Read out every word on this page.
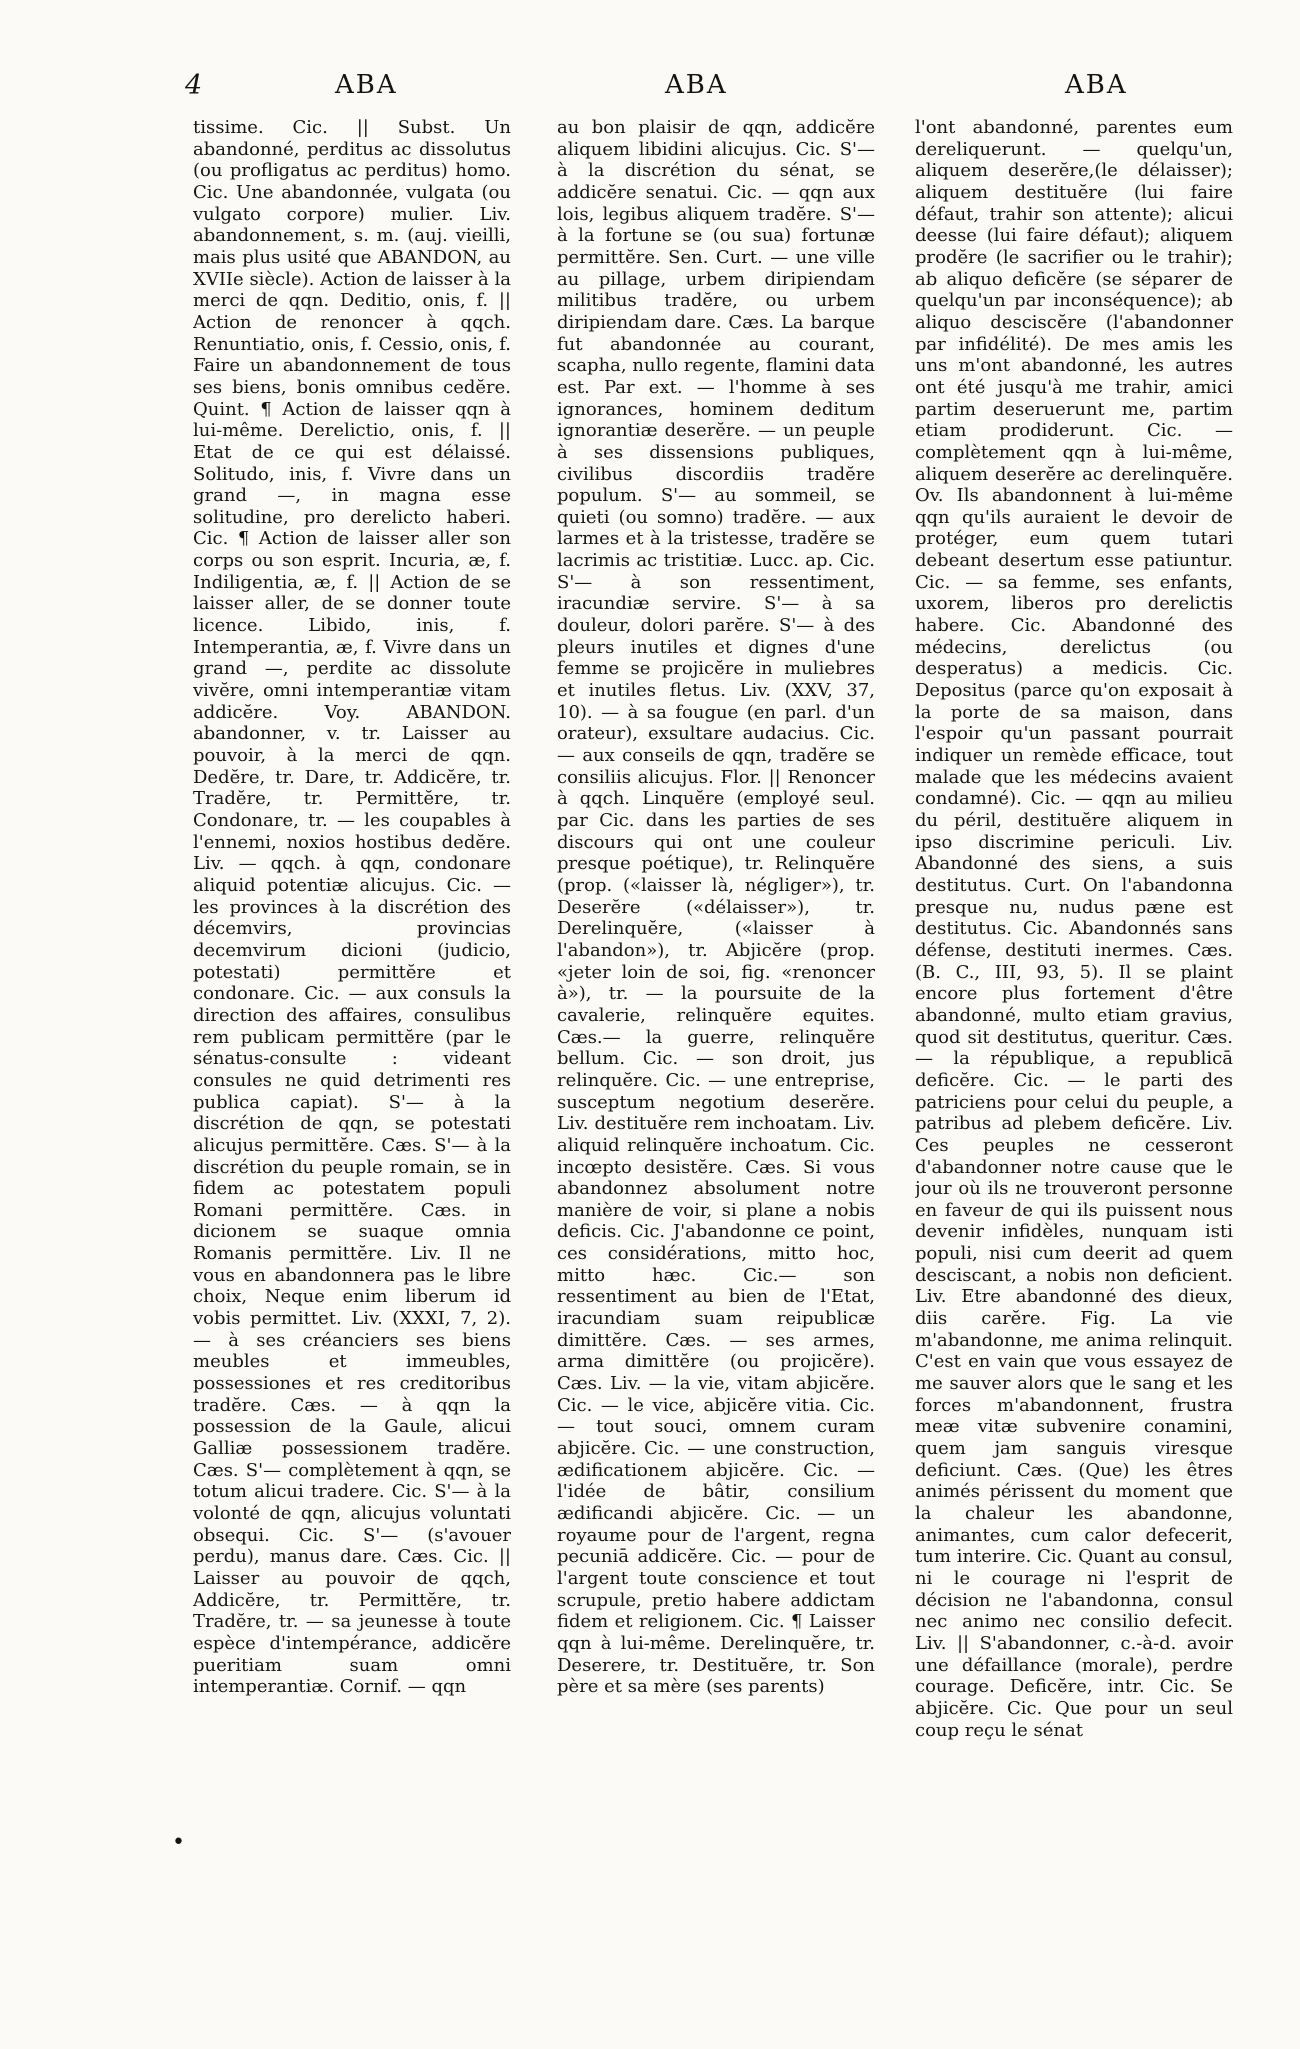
4	ABA	ABA	ABA

tissime. Cic. || Subst. Un abandonné, perditus ac dissolutus (ou profligatus ac perditus) homo. Cic. Une abandonnée, vulgata (ou vulgato corpore) mulier. Liv. abandonnement, s. m. (auj. vieilli, mais plus usité que ABANDON, au XVIIe siècle). Action de laisser à la merci de qqn. Deditio, onis, f. || Action de renoncer à qqch. Renuntiatio, onis, f. Cessio, onis, f. Faire un abandonnement de tous ses biens, bonis omnibus cedĕre. Quint. ¶ Action de laisser qqn à lui-même. Derelictio, onis, f. || Etat de ce qui est délaissé. Solitudo, inis, f. Vivre dans un grand —, in magna esse solitudine, pro derelicto haberi. Cic. ¶ Action de laisser aller son corps ou son esprit. Incuria, æ, f. Indiligentia, æ, f. || Action de se laisser aller, de se donner toute licence. Libido, inis, f. Intemperantia, æ, f. Vivre dans un grand —, perdite ac dissolute vivĕre, omni intemperantiæ vitam addicĕre. Voy. ABANDON. abandonner, v. tr. Laisser au pouvoir, à la merci de qqn. Dedĕre, tr. Dare, tr. Addicĕre, tr. Tradĕre, tr. Permittĕre, tr. Condonare, tr. — les coupables à l'ennemi, noxios hostibus dedĕre. Liv. — qqch. à qqn, condonare aliquid potentiæ alicujus. Cic. — les provinces à la discrétion des décemvirs, provincias decemvirum dicioni (judicio, potestati) permittĕre et condonare. Cic. — aux consuls la direction des affaires, consulibus rem publicam permittĕre (par le sénatus-consulte : videant consules ne quid detrimenti res publica capiat). S'— à la discrétion de qqn, se potestati alicujus permittĕre. Cæs. S'— à la discrétion du peuple romain, se in fidem ac potestatem populi Romani permittĕre. Cæs. in dicionem se suaque omnia Romanis permittĕre. Liv. Il ne vous en abandonnera pas le libre choix, Neque enim liberum id vobis permittet. Liv. (XXXI, 7, 2). — à ses créanciers ses biens meubles et immeubles, possessiones et res creditoribus tradĕre. Cæs. — à qqn la possession de la Gaule, alicui Galliæ possessionem tradĕre. Cæs. S'— complètement à qqn, se totum alicui tradere. Cic. S'— à la volonté de qqn, alicujus voluntati obsequi. Cic. S'— (s'avouer perdu), manus dare. Cæs. Cic. || Laisser au pouvoir de qqch, Addicĕre, tr. Permittĕre, tr. Tradĕre, tr. — sa jeunesse à toute espèce d'intempérance, addicĕre pueritiam suam omni intemperantiæ. Cornif. — qqn

au bon plaisir de qqn, addicĕre aliquem libidini alicujus. Cic. S'— à la discrétion du sénat, se addicĕre senatui. Cic. — qqn aux lois, legibus aliquem tradĕre. S'— à la fortune se (ou sua) fortunæ permittĕre. Sen. Curt. — une ville au pillage, urbem diripiendam militibus tradĕre, ou urbem diripiendam dare. Cæs. La barque fut abandonnée au courant, scapha, nullo regente, flamini data est. Par ext. — l'homme à ses ignorances, hominem deditum ignorantiæ deserĕre. — un peuple à ses dissensions publiques, civilibus discordiis tradĕre populum. S'— au sommeil, se quieti (ou somno) tradĕre. — aux larmes et à la tristesse, tradĕre se lacrimis ac tristitiæ. Lucc. ap. Cic. S'— à son ressentiment, iracundiæ servire. S'— à sa douleur, dolori parĕre. S'— à des pleurs inutiles et dignes d'une femme se projicĕre in muliebres et inutiles fletus. Liv. (XXV, 37, 10). — à sa fougue (en parl. d'un orateur), exsultare audacius. Cic. — aux conseils de qqn, tradĕre se consiliis alicujus. Flor. || Renoncer à qqch. Linquĕre (employé seul. par Cic. dans les parties de ses discours qui ont une couleur presque poétique), tr. Relinquĕre (prop. («laisser là, négliger»), tr. Deserĕre («délaisser»), tr. Derelinquĕre, («laisser à l'abandon»), tr. Abjicĕre (prop. «jeter loin de soi, fig. «renoncer à»), tr. — la poursuite de la cavalerie, relinquĕre equites. Cæs.— la guerre, relinquĕre bellum. Cic. — son droit, jus relinquĕre. Cic. — une entreprise, susceptum negotium deserĕre. Liv. destituĕre rem inchoatam. Liv. aliquid relinquĕre inchoatum. Cic. incœpto desistĕre. Cæs. Si vous abandonnez absolument notre manière de voir, si plane a nobis deficis. Cic. J'abandonne ce point, ces considérations, mitto hoc, mitto hæc. Cic.— son ressentiment au bien de l'Etat, iracundiam suam reipublicæ dimittĕre. Cæs. — ses armes, arma dimittĕre (ou projicĕre). Cæs. Liv. — la vie, vitam abjicĕre. Cic. — le vice, abjicĕre vitia. Cic. — tout souci, omnem curam abjicĕre. Cic. — une construction, ædificationem abjicĕre. Cic. — l'idée de bâtir, consilium ædificandi abjicĕre. Cic. — un royaume pour de l'argent, regna pecuniā addicĕre. Cic. — pour de l'argent toute conscience et tout scrupule, pretio habere addictam fidem et religionem. Cic. ¶ Laisser qqn à lui-même. Derelinquĕre, tr. Deserere, tr. Destituĕre, tr. Son père et sa mère (ses parents)

l'ont abandonné, parentes eum dereliquerunt. — quelqu'un, aliquem deserĕre,(le délaisser); aliquem destituĕre (lui faire défaut, trahir son attente); alicui deesse (lui faire défaut); aliquem prodĕre (le sacrifier ou le trahir); ab aliquo deficĕre (se séparer de quelqu'un par inconséquence); ab aliquo desciscĕre (l'abandonner par infidélité). De mes amis les uns m'ont abandonné, les autres ont été jusqu'à me trahir, amici partim deseruerunt me, partim etiam prodiderunt. Cic. — complètement qqn à lui-même, aliquem deserĕre ac derelinquĕre. Ov. Ils abandonnent à lui-même qqn qu'ils auraient le devoir de protéger, eum quem tutari debeant desertum esse patiuntur. Cic. — sa femme, ses enfants, uxorem, liberos pro derelictis habere. Cic. Abandonné des médecins, derelictus (ou desperatus) a medicis. Cic. Depositus (parce qu'on exposait à la porte de sa maison, dans l'espoir qu'un passant pourrait indiquer un remède efficace, tout malade que les médecins avaient condamné). Cic. — qqn au milieu du péril, destituĕre aliquem in ipso discrimine periculi. Liv. Abandonné des siens, a suis destitutus. Curt. On l'abandonna presque nu, nudus pæne est destitutus. Cic. Abandonnés sans défense, destituti inermes. Cæs. (B. C., III, 93, 5). Il se plaint encore plus fortement d'être abandonné, multo etiam gravius, quod sit destitutus, queritur. Cæs. — la république, a republicā deficĕre. Cic. — le parti des patriciens pour celui du peuple, a patribus ad plebem deficĕre. Liv. Ces peuples ne cesseront d'abandonner notre cause que le jour où ils ne trouveront personne en faveur de qui ils puissent nous devenir infidèles, nunquam isti populi, nisi cum deerit ad quem desciscant, a nobis non deficient. Liv. Etre abandonné des dieux, diis carĕre. Fig. La vie m'abandonne, me anima relinquit. C'est en vain que vous essayez de me sauver alors que le sang et les forces m'abandonnent, frustra meæ vitæ subvenire conamini, quem jam sanguis viresque deficiunt. Cæs. (Que) les êtres animés périssent du moment que la chaleur les abandonne, animantes, cum calor defecerit, tum interire. Cic. Quant au consul, ni le courage ni l'esprit de décision ne l'abandonna, consul nec animo nec consilio defecit. Liv. || S'abandonner, c.-à-d. avoir une défaillance (morale), perdre courage. Deficĕre, intr. Cic. Se abjicĕre. Cic. Que pour un seul coup reçu le sénat

•
